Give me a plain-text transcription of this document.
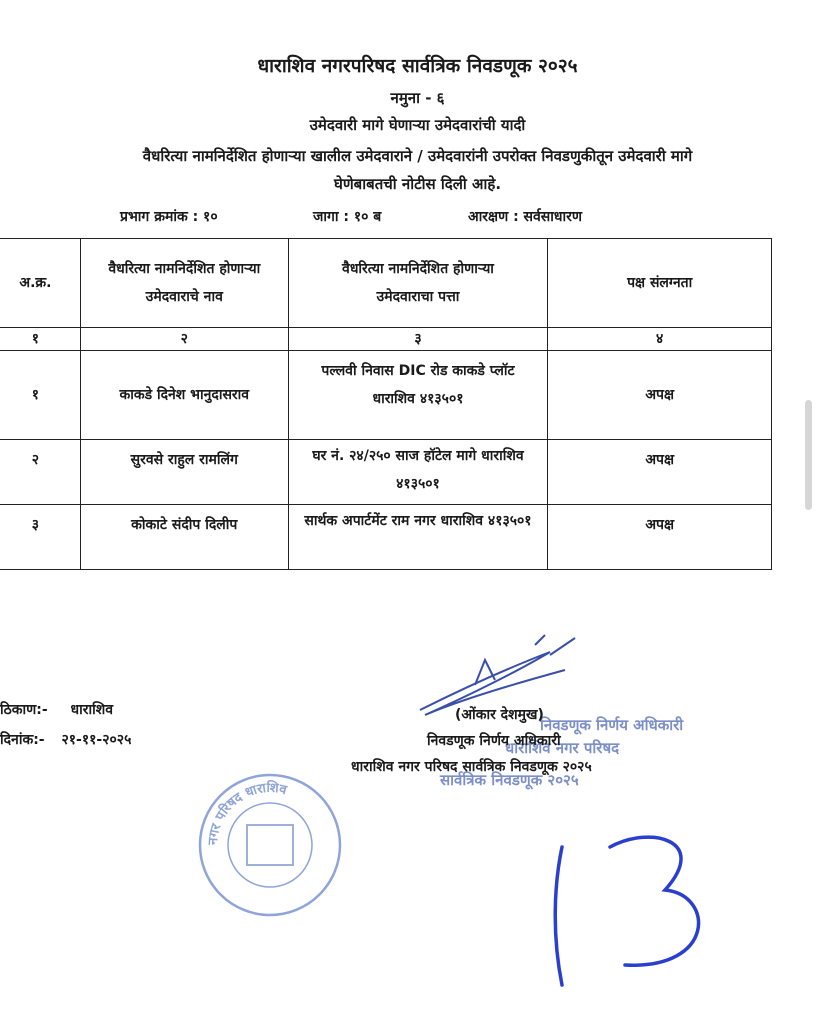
धाराशिव नगरपरिषद सार्वत्रिक निवडणूक २०२५
नमुना - ६
उमेदवारी मागे घेणाऱ्या उमेदवारांची यादी
वैधरित्या नामनिर्देशित होणाऱ्या खालील उमेदवाराने / उमेदवारांनी उपरोक्त निवडणुकीतून उमेदवारी मागे
घेणेबाबतची नोटीस दिली आहे.
प्रभाग क्रमांक : १०	जागा : १० ब	आरक्षण : सर्वसाधारण
अ.क्र.	वैधरित्या नामनिर्देशित होणाऱ्या उमेदवाराचे नाव	वैधरित्या नामनिर्देशित होणाऱ्या उमेदवाराचा पत्ता	पक्ष संलग्नता
१	२	३	४
१	काकडे दिनेश भानुदासराव	पल्लवी निवास DIC रोड काकडे प्लॉट धाराशिव ४१३५०१	अपक्ष
२	सुरवसे राहुल रामलिंग	घर नं. २४/२५० साज हॉटेल मागे धाराशिव ४१३५०१	अपक्ष
३	कोकाटे संदीप दिलीप	सार्थक अपार्टमेंट राम नगर धाराशिव ४१३५०१	अपक्ष
ठिकाण:- धाराशिव
दिनांक:- २१-११-२०२५
निवडणूक निर्णय अधिकारी
धाराशिव नगर परिषद
सार्वत्रिक निवडणूक २०२५
(ओंकार देशमुख)
निवडणूक निर्णय अधिकारी
धाराशिव नगर परिषद सार्वत्रिक निवडणूक २०२५
नगर परिषद धाराशिव
13
